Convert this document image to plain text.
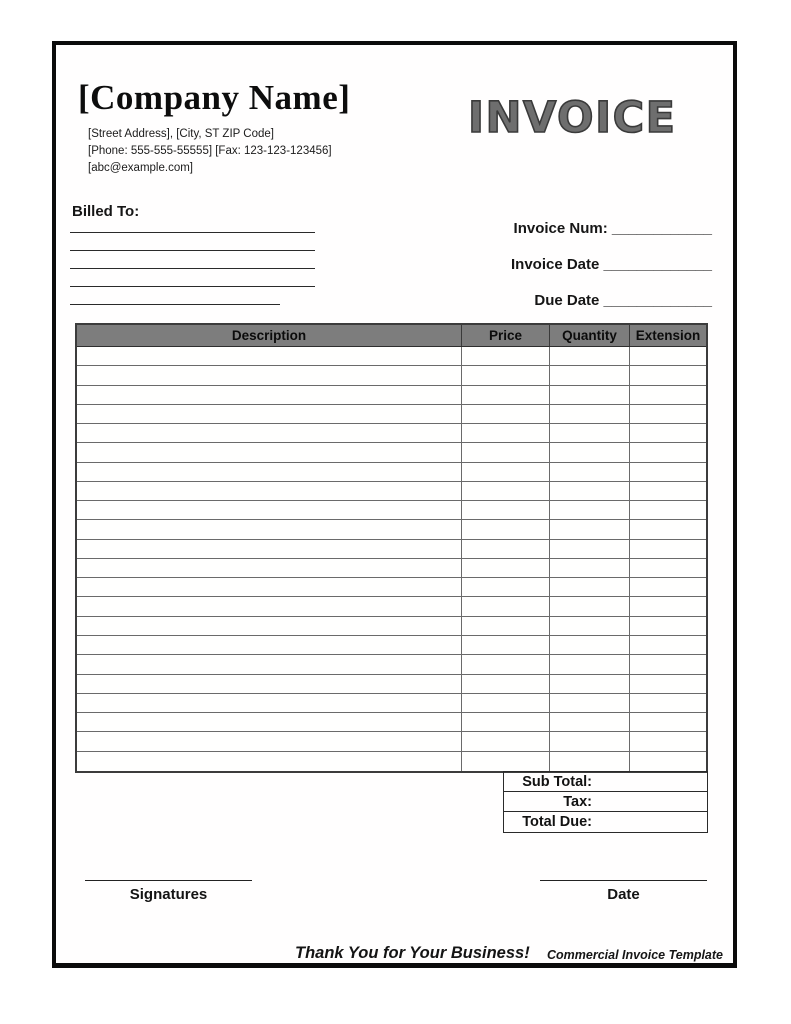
[Company Name]
[Street Address], [City, ST ZIP Code]
[Phone: 555-555-55555] [Fax: 123-123-123456]
[abc@example.com]
INVOICE
Billed To:
Invoice Num: ____________
Invoice Date _____________
Due Date _____________
Description	Price	Quantity	Extension
Sub Total:
Tax:
Total Due:
Signatures	Date
Thank You for Your Business! Commercial Invoice Template
